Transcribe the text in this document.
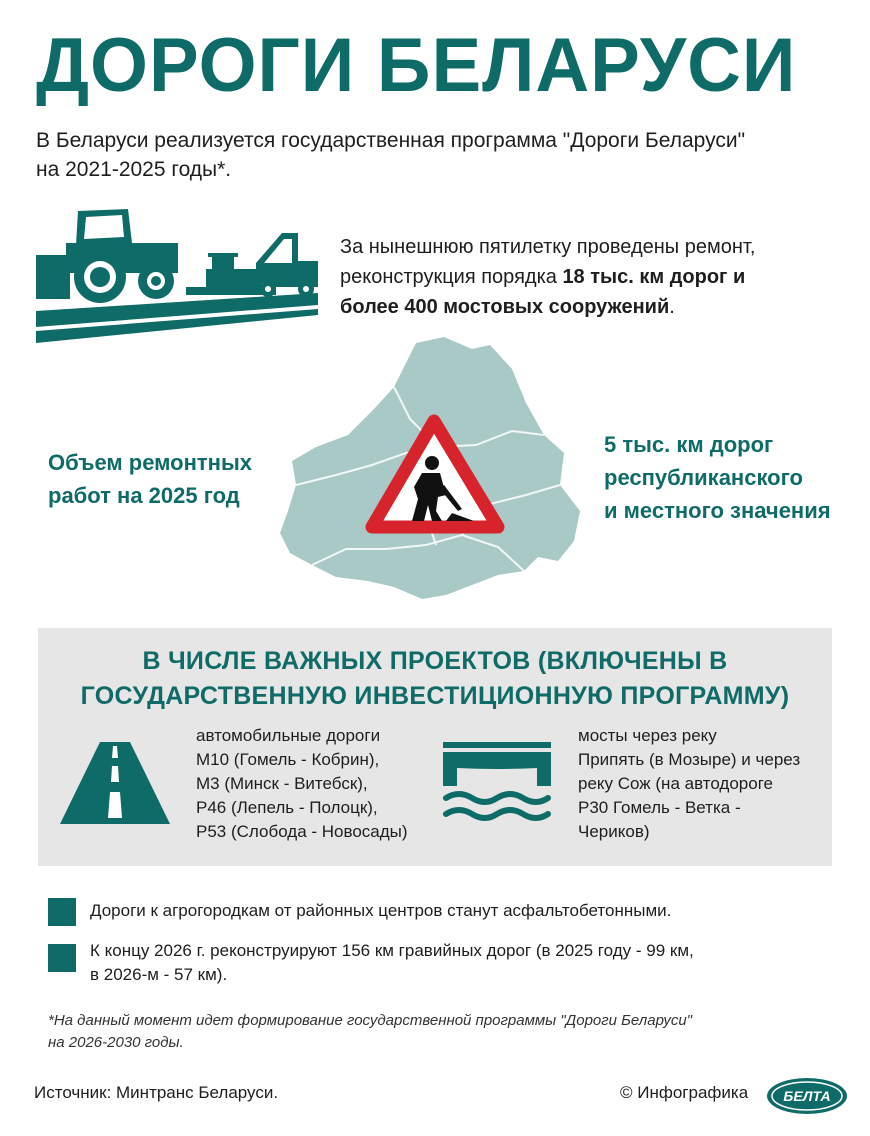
ДОРОГИ БЕЛАРУСИ
В Беларуси реализуется государственная программа "Дороги Беларуси"
на 2021-2025 годы*.
За нынешнюю пятилетку проведены ремонт,
реконструкция порядка 18 тыс. км дорог и
более 400 мостовых сооружений.
Объем ремонтных
работ на 2025 год
5 тыс. км дорог
республиканского
и местного значения
В ЧИСЛЕ ВАЖНЫХ ПРОЕКТОВ (ВКЛЮЧЕНЫ В
ГОСУДАРСТВЕННУЮ ИНВЕСТИЦИОННУЮ ПРОГРАММУ)
автомобильные дороги
М10 (Гомель - Кобрин),
М3 (Минск - Витебск),
Р46 (Лепель - Полоцк),
Р53 (Слобода - Новосады)
мосты через реку
Припять (в Мозыре) и через
реку Сож (на автодороге
Р30 Гомель - Ветка -
Чериков)
Дороги к агрогородкам от районных центров станут асфальтобетонными.
К концу 2026 г. реконструируют 156 км гравийных дорог (в 2025 году - 99 км,
в 2026-м - 57 км).
*На данный момент идет формирование государственной программы "Дороги Беларуси"
на 2026-2030 годы.
Источник: Минтранс Беларуси.	© Инфографика	БЕЛТА
